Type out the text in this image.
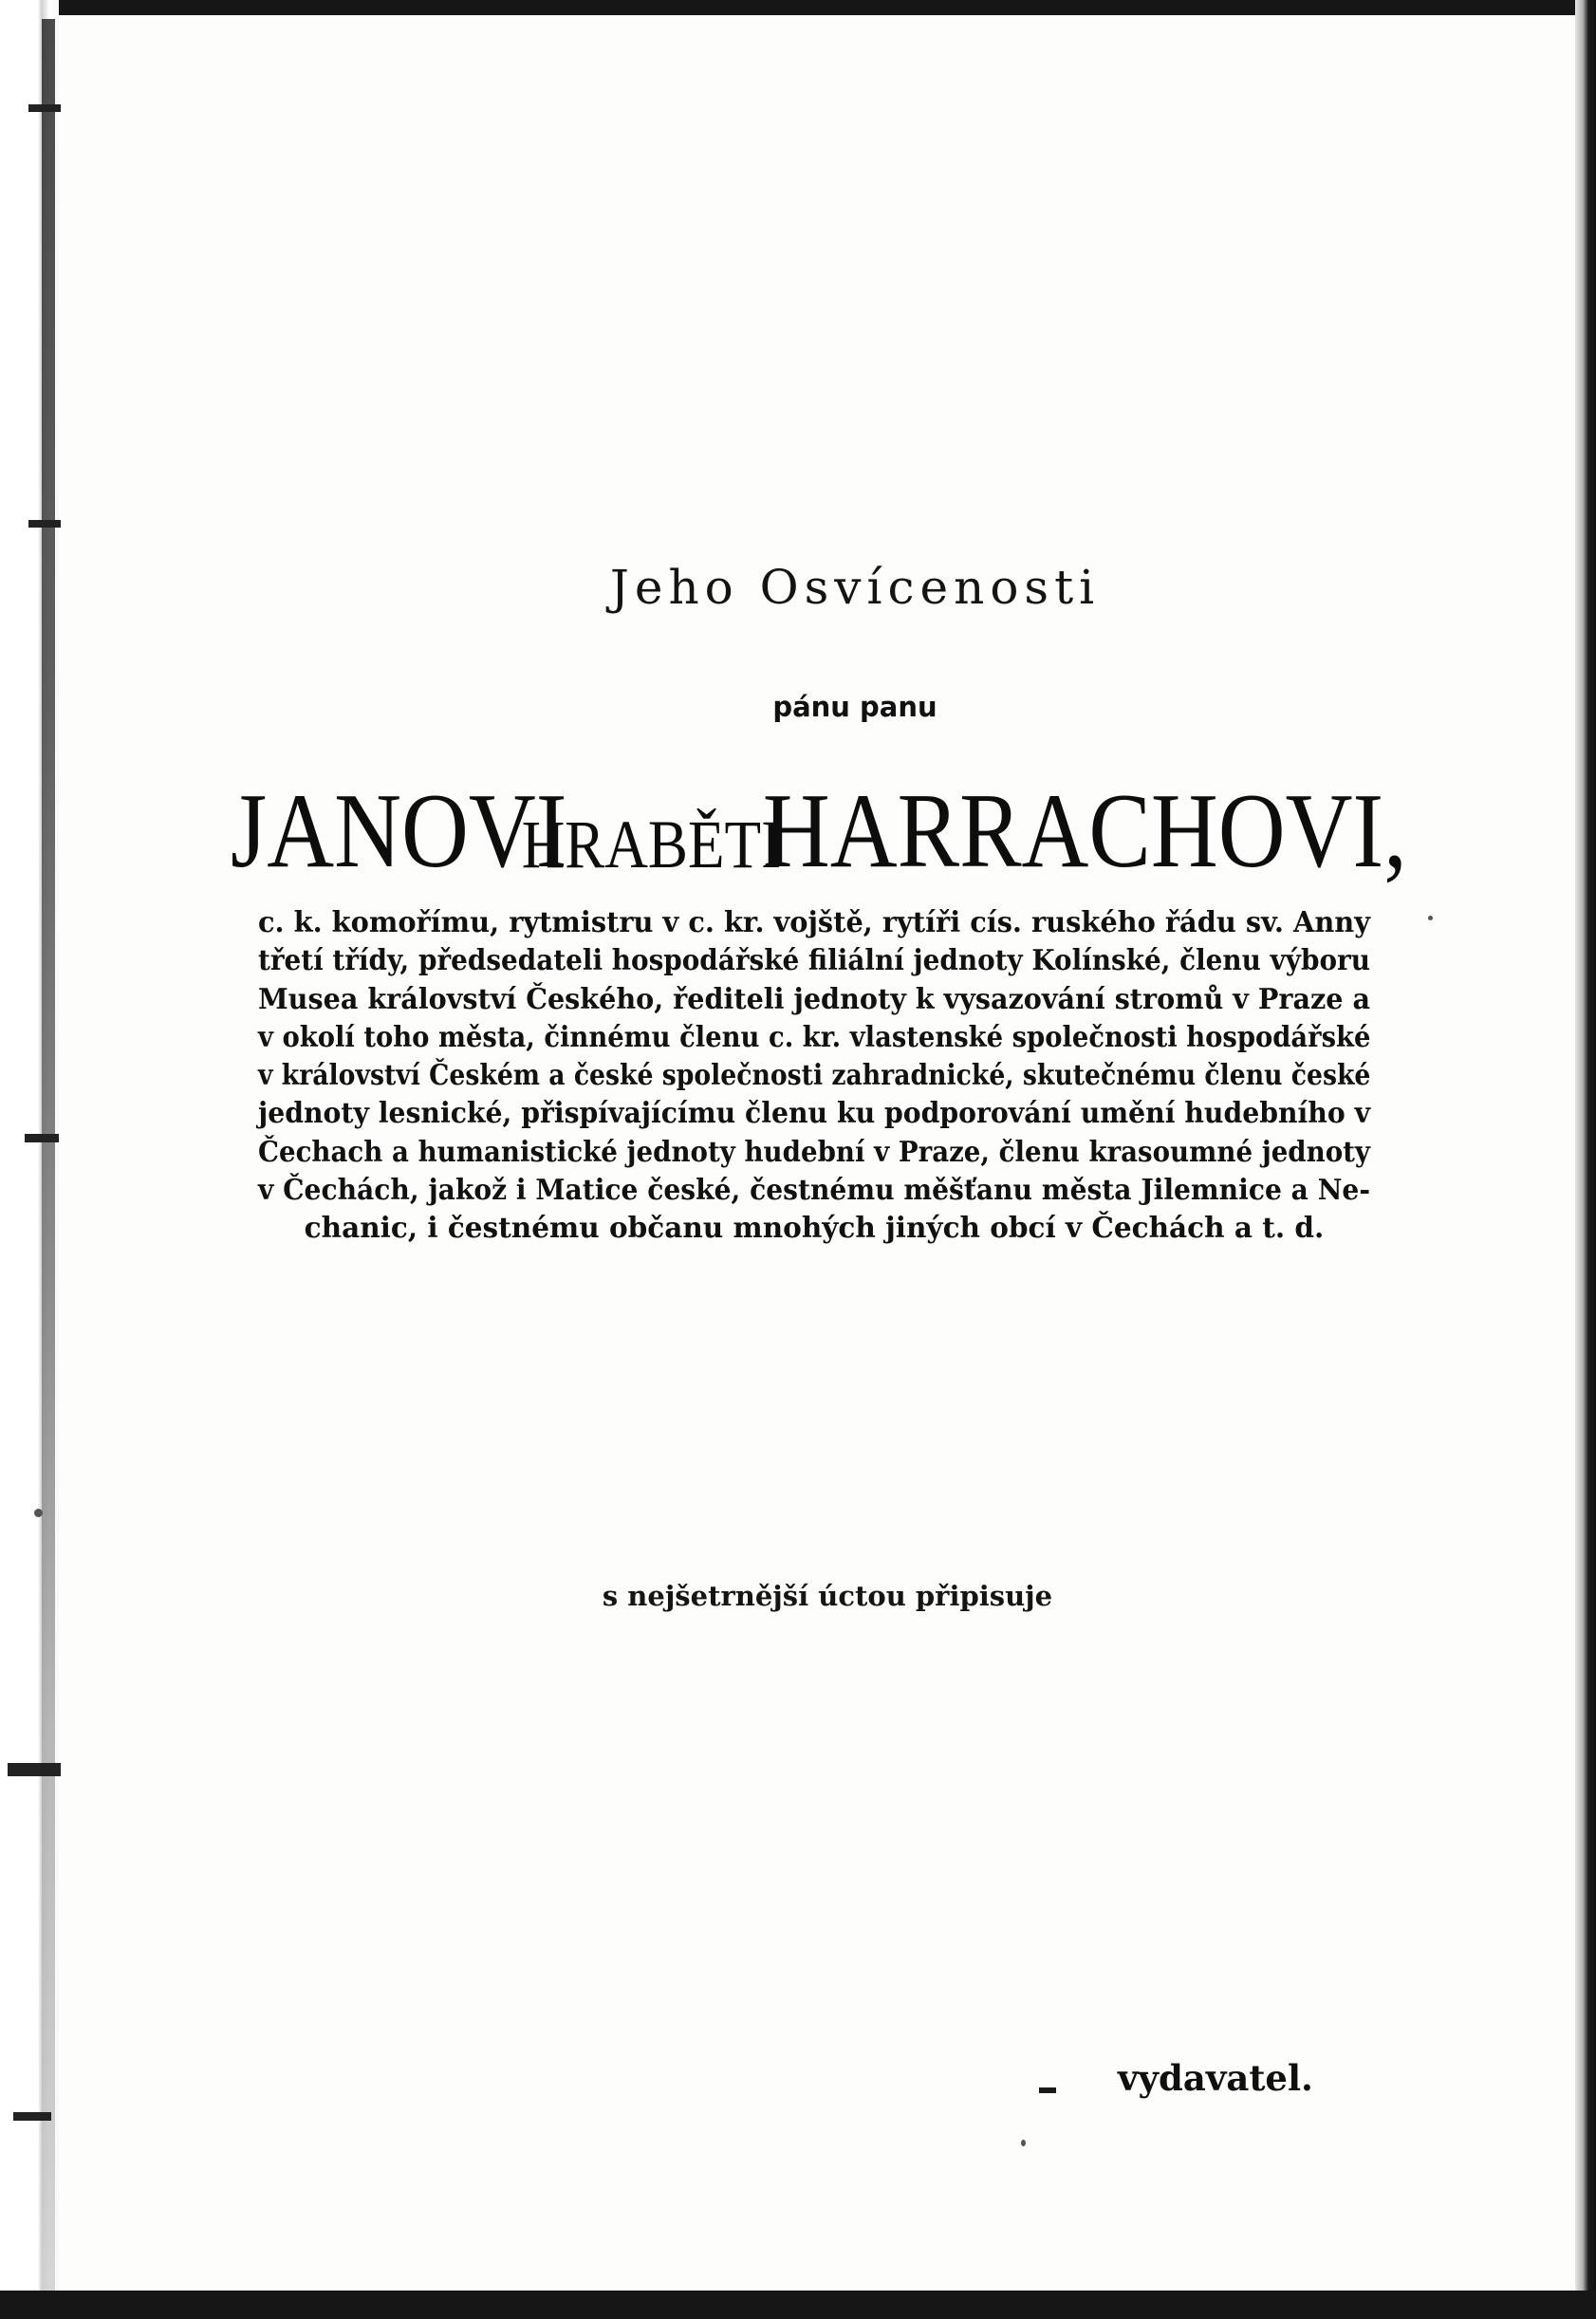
Jeho Osvícenosti
pánu panu
JANOVI
HRABĚTI
HARRACHOVI,
c. k. komořímu, rytmistru v c. kr. vojště, rytíři cís. ruského řádu sv. Anny
třetí třídy, předsedateli hospodářské filiální jednoty Kolínské, členu výboru
Musea království Českého, řediteli jednoty k vysazování stromů v Praze a
v okolí toho města, činnému členu c. kr. vlastenské společnosti hospodářské
v království Českém a české společnosti zahradnické, skutečnému členu české
jednoty lesnické, přispívajícímu členu ku podporování umění hudebního v
Čechach a humanistické jednoty hudební v Praze, členu krasoumné jednoty
v Čechách, jakož i Matice české, čestnému měšťanu města Jilemnice a Ne-
chanic, i čestnému občanu mnohých jiných obcí v Čechách a t. d.
s nejšetrnější úctou připisuje
vydavatel.
